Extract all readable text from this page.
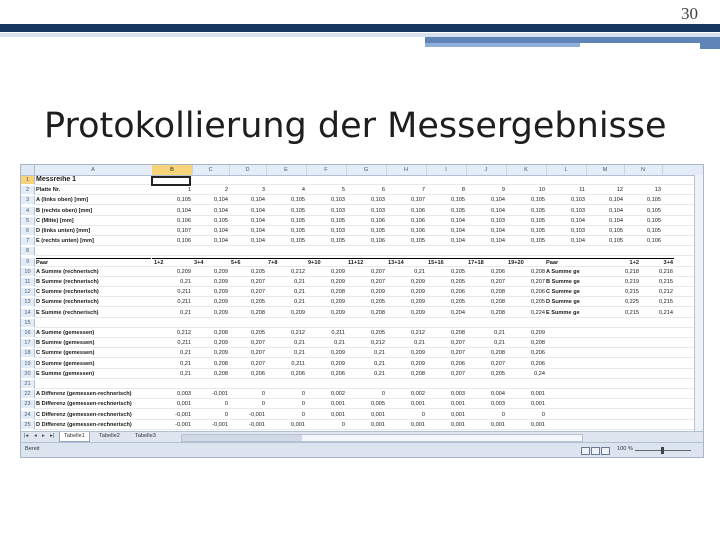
30
Protokollierung der Messergebnisse
A	B	C	D	E	F	G	H	I	J	K	L	M	N
1 Messreihe 1
2	Platte Nr.	1	2	3	4	5	6	7	8	9	10	11	12	13
3	A (links oben) [mm]	0,105	0,104	0,104	0,105	0,103	0,103	0,107	0,105	0,104	0,105	0,103	0,104	0,105
4	B (rechts oben) [mm]	0,104	0,104	0,104	0,105	0,103	0,103	0,106	0,105	0,104	0,105	0,103	0,104	0,105
5	C (Mitte) [mm]	0,106	0,105	0,104	0,105	0,105	0,106	0,106	0,104	0,103	0,105	0,104	0,104	0,105
6	D (links unten) [mm]	0,107	0,104	0,104	0,105	0,103	0,105	0,106	0,104	0,104	0,105	0,103	0,105	0,105
7	E (rechts unten) [mm]	0,106	0,104	0,104	0,105	0,105	0,106	0,105	0,104	0,104	0,105	0,104	0,105	0,106
8
9	Paar	1+2	3+4	5+6	7+8	9+10	11+12	13+14	15+16	17+18	19+20	Paar	1+2	3+4
10 A Summe (rechnerisch)	0,209	0,209	0,205	0,212	0,209	0,207	0,21	0,205	0,206	0,208 A Summe ge	0,218	0,216
11 B Summe (rechnerisch)	0,21	0,209	0,207	0,21	0,209	0,207	0,209	0,205	0,207	0,207 B Summe ge	0,219	0,215
12 C Summe (rechnerisch)	0,211	0,209	0,207	0,21	0,208	0,209	0,209	0,206	0,208	0,206 C Summe ge	0,215	0,212
13 D Summe (rechnerisch)	0,211	0,209	0,205	0,21	0,209	0,205	0,209	0,205	0,208	0,205 D Summe ge	0,225	0,215
14 E Summe (rechnerisch)	0,21	0,209	0,208	0,209	0,209	0,208	0,209	0,204	0,208	0,224 E Summe ge	0,215	0,214
15
16 A Summe (gemessen)	0,212	0,208	0,205	0,212	0,211	0,205	0,212	0,208	0,21	0,209
17 B Summe (gemessen)	0,211	0,209	0,207	0,21	0,21	0,212	0,21	0,207	0,21	0,208
18 C Summe (gemessen)	0,21	0,209	0,207	0,21	0,209	0,21	0,209	0,207	0,208	0,206
19 D Summe (gemessen)	0,21	0,208	0,207	0,211	0,209	0,21	0,209	0,206	0,207	0,206
20 E Summe (gemessen)	0,21	0,208	0,206	0,206	0,206	0,21	0,208	0,207	0,205	0,24
21
22 A Differenz (gemessen-rechnerisch)	0,003	-0,001	0	0	0,002	0	0,002	0,003	0,004	0,001
23 B Differenz (gemessen-rechnerisch)	0,001	0	0	0	0,001	0,005	0,001	0,001	0,003	0,001
24 C Differenz (gemessen-rechnerisch)	-0,001	0	-0,001	0	0,001	0,001	0	0,001	0	0
25 D Differenz (gemessen-rechnerisch)	-0,001	-0,001	-0,001	0,001	0	0,001	0,001	0,001	0,001	0,001
|◂ ◂ ▸ ▸|	Tabelle1	Tabelle2	Tabelle3
Bereit	100 %
